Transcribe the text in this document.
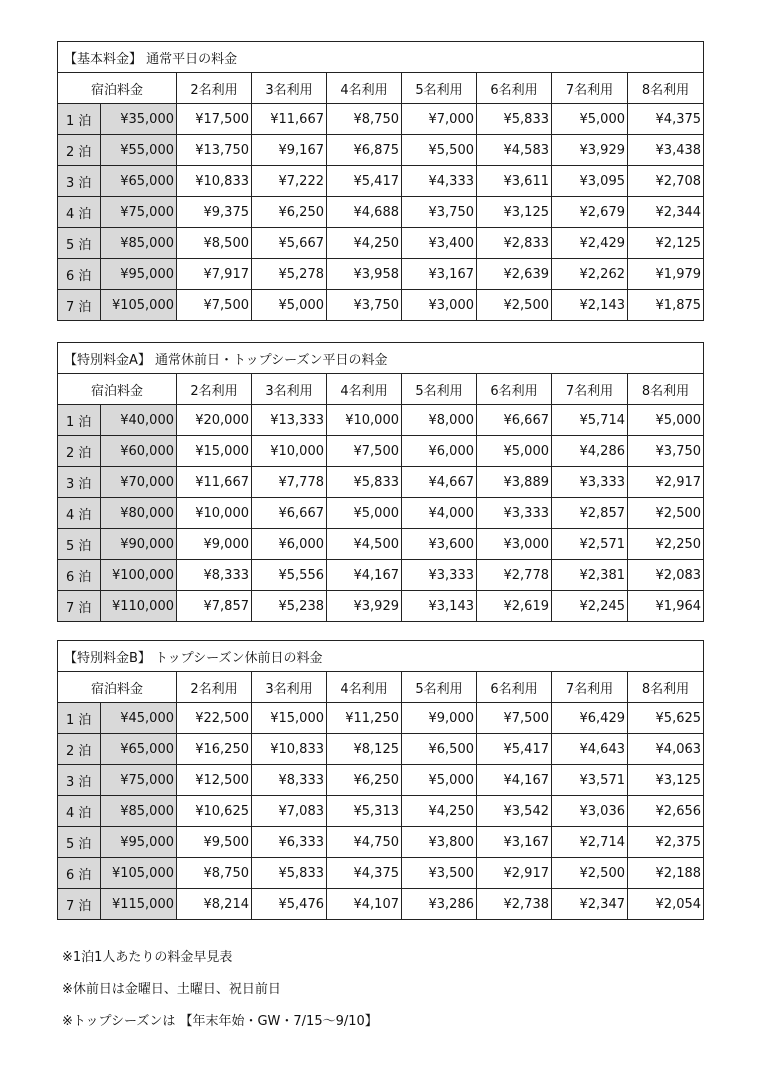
【基本料金】 通常平日の料金								
宿泊料金		2名利用	3名利用	4名利用	5名利用	6名利用	7名利用	8名利用
1 泊	¥35,000	¥17,500	¥11,667	¥8,750	¥7,000	¥5,833	¥5,000	¥4,375
2 泊	¥55,000	¥13,750	¥9,167	¥6,875	¥5,500	¥4,583	¥3,929	¥3,438
3 泊	¥65,000	¥10,833	¥7,222	¥5,417	¥4,333	¥3,611	¥3,095	¥2,708
4 泊	¥75,000	¥9,375	¥6,250	¥4,688	¥3,750	¥3,125	¥2,679	¥2,344
5 泊	¥85,000	¥8,500	¥5,667	¥4,250	¥3,400	¥2,833	¥2,429	¥2,125
6 泊	¥95,000	¥7,917	¥5,278	¥3,958	¥3,167	¥2,639	¥2,262	¥1,979
7 泊	¥105,000	¥7,500	¥5,000	¥3,750	¥3,000	¥2,500	¥2,143	¥1,875
【特別料金A】 通常休前日・トップシーズン平日の料金								
宿泊料金		2名利用	3名利用	4名利用	5名利用	6名利用	7名利用	8名利用
1 泊	¥40,000	¥20,000	¥13,333	¥10,000	¥8,000	¥6,667	¥5,714	¥5,000
2 泊	¥60,000	¥15,000	¥10,000	¥7,500	¥6,000	¥5,000	¥4,286	¥3,750
3 泊	¥70,000	¥11,667	¥7,778	¥5,833	¥4,667	¥3,889	¥3,333	¥2,917
4 泊	¥80,000	¥10,000	¥6,667	¥5,000	¥4,000	¥3,333	¥2,857	¥2,500
5 泊	¥90,000	¥9,000	¥6,000	¥4,500	¥3,600	¥3,000	¥2,571	¥2,250
6 泊	¥100,000	¥8,333	¥5,556	¥4,167	¥3,333	¥2,778	¥2,381	¥2,083
7 泊	¥110,000	¥7,857	¥5,238	¥3,929	¥3,143	¥2,619	¥2,245	¥1,964
【特別料金B】 トップシーズン休前日の料金								
宿泊料金		2名利用	3名利用	4名利用	5名利用	6名利用	7名利用	8名利用
1 泊	¥45,000	¥22,500	¥15,000	¥11,250	¥9,000	¥7,500	¥6,429	¥5,625
2 泊	¥65,000	¥16,250	¥10,833	¥8,125	¥6,500	¥5,417	¥4,643	¥4,063
3 泊	¥75,000	¥12,500	¥8,333	¥6,250	¥5,000	¥4,167	¥3,571	¥3,125
4 泊	¥85,000	¥10,625	¥7,083	¥5,313	¥4,250	¥3,542	¥3,036	¥2,656
5 泊	¥95,000	¥9,500	¥6,333	¥4,750	¥3,800	¥3,167	¥2,714	¥2,375
6 泊	¥105,000	¥8,750	¥5,833	¥4,375	¥3,500	¥2,917	¥2,500	¥2,188
7 泊	¥115,000	¥8,214	¥5,476	¥4,107	¥3,286	¥2,738	¥2,347	¥2,054
※1泊1人あたりの料金早見表
※休前日は金曜日、土曜日、祝日前日
※トップシーズンは 【年末年始・GW・7/15～9/10】
